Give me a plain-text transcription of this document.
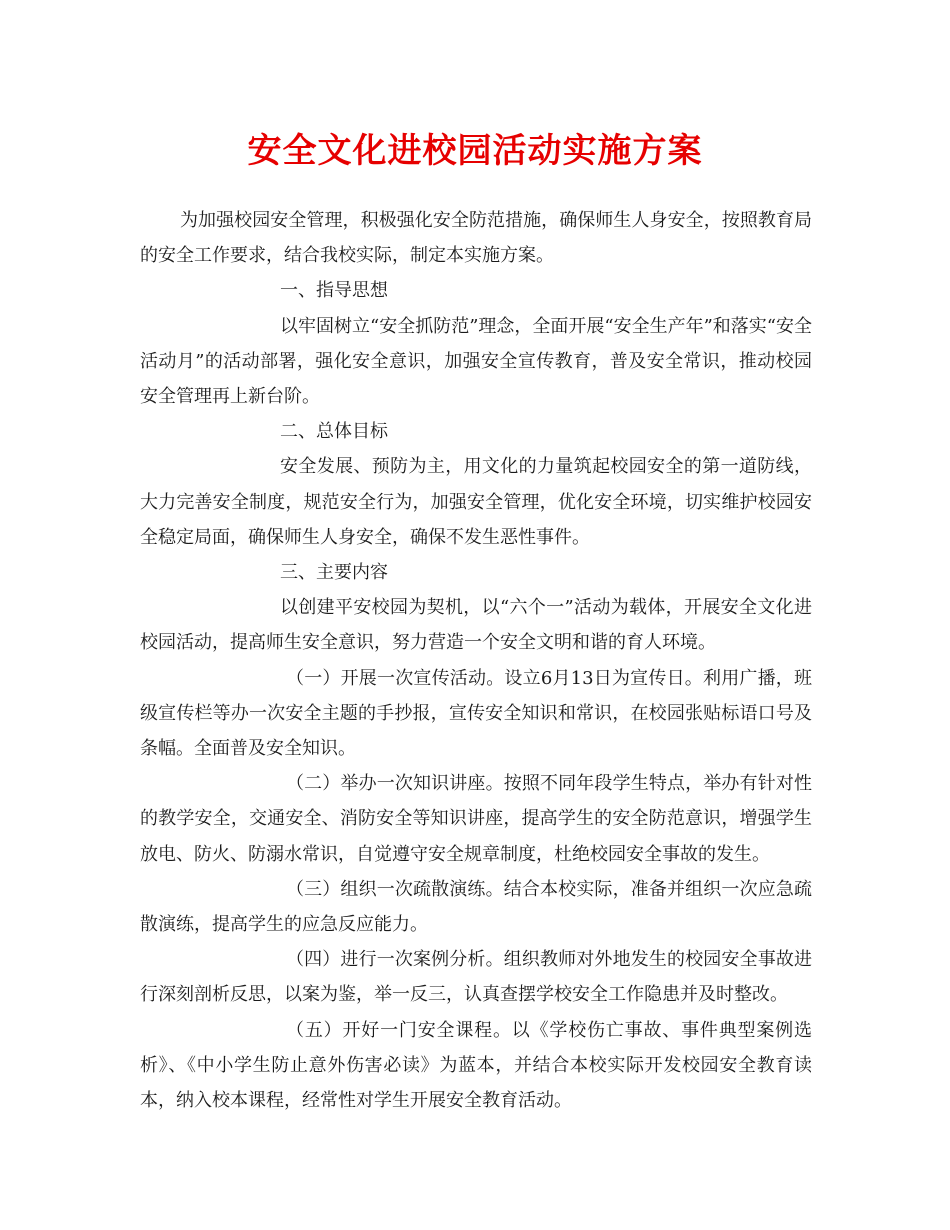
安全文化进校园活动实施方案

为加强校园安全管理，积极强化安全防范措施，确保师生人身安全，按照教育局的安全工作要求，结合我校实际，制定本实施方案。

一、指导思想

以牢固树立“安全抓防范”理念，全面开展“安全生产年”和落实“安全活动月”的活动部署，强化安全意识，加强安全宣传教育，普及安全常识，推动校园安全管理再上新台阶。

二、总体目标

安全发展、预防为主，用文化的力量筑起校园安全的第一道防线，大力完善安全制度，规范安全行为，加强安全管理，优化安全环境，切实维护校园安全稳定局面，确保师生人身安全，确保不发生恶性事件。

三、主要内容

以创建平安校园为契机，以“六个一”活动为载体，开展安全文化进校园活动，提高师生安全意识，努力营造一个安全文明和谐的育人环境。

（一）开展一次宣传活动。设立6月13日为宣传日。利用广播，班级宣传栏等办一次安全主题的手抄报，宣传安全知识和常识，在校园张贴标语口号及条幅。全面普及安全知识。

（二）举办一次知识讲座。按照不同年段学生特点，举办有针对性的教学安全，交通安全、消防安全等知识讲座，提高学生的安全防范意识，增强学生放电、防火、防溺水常识，自觉遵守安全规章制度，杜绝校园安全事故的发生。

（三）组织一次疏散演练。结合本校实际，准备并组织一次应急疏散演练，提高学生的应急反应能力。

（四）进行一次案例分析。组织教师对外地发生的校园安全事故进行深刻剖析反思，以案为鉴，举一反三，认真查摆学校安全工作隐患并及时整改。

（五）开好一门安全课程。以《学校伤亡事故、事件典型案例选析》、《中小学生防止意外伤害必读》为蓝本，并结合本校实际开发校园安全教育读本，纳入校本课程，经常性对学生开展安全教育活动。
